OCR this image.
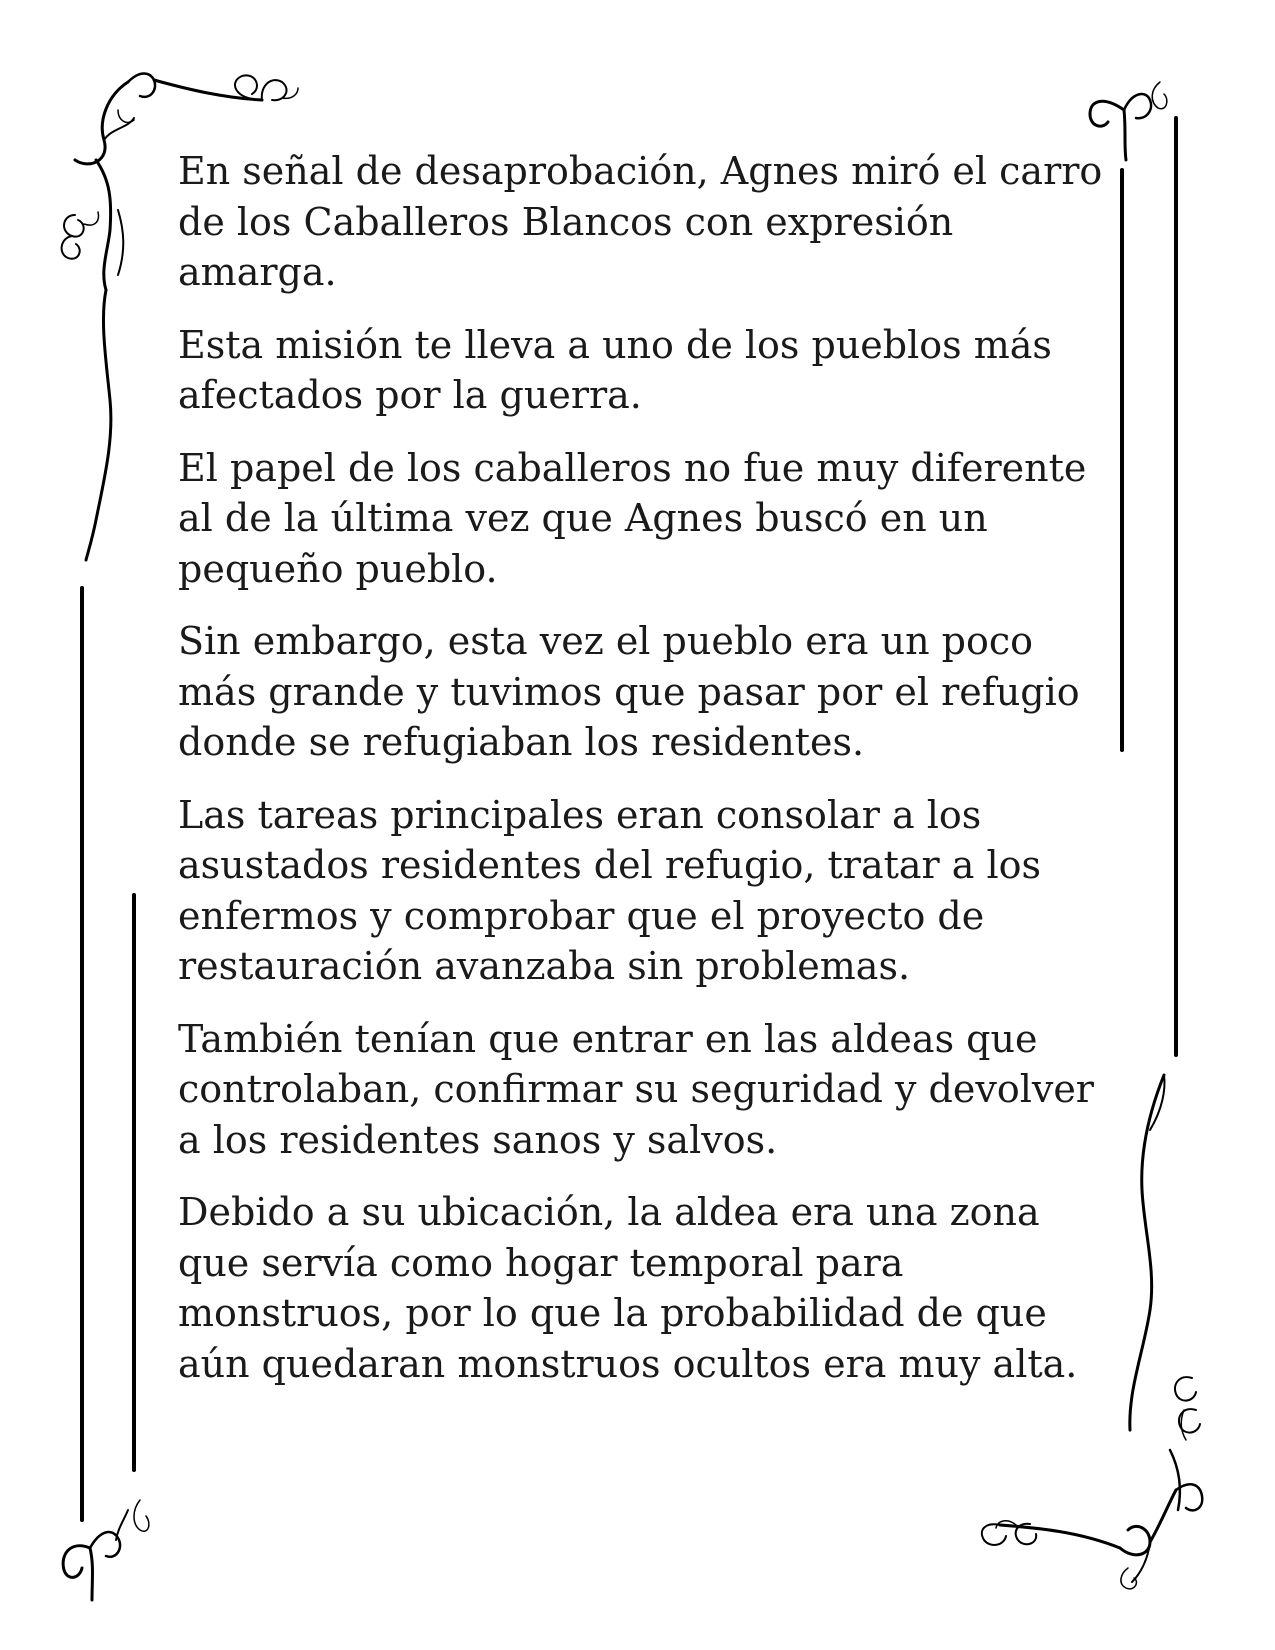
En señal de desaprobación, Agnes miró el carro
de los Caballeros Blancos con expresión
amarga.

Esta misión te lleva a uno de los pueblos más
afectados por la guerra.

El papel de los caballeros no fue muy diferente
al de la última vez que Agnes buscó en un
pequeño pueblo.

Sin embargo, esta vez el pueblo era un poco
más grande y tuvimos que pasar por el refugio
donde se refugiaban los residentes.

Las tareas principales eran consolar a los
asustados residentes del refugio, tratar a los
enfermos y comprobar que el proyecto de
restauración avanzaba sin problemas.

También tenían que entrar en las aldeas que
controlaban, confirmar su seguridad y devolver
a los residentes sanos y salvos.

Debido a su ubicación, la aldea era una zona
que servía como hogar temporal para
monstruos, por lo que la probabilidad de que
aún quedaran monstruos ocultos era muy alta.
